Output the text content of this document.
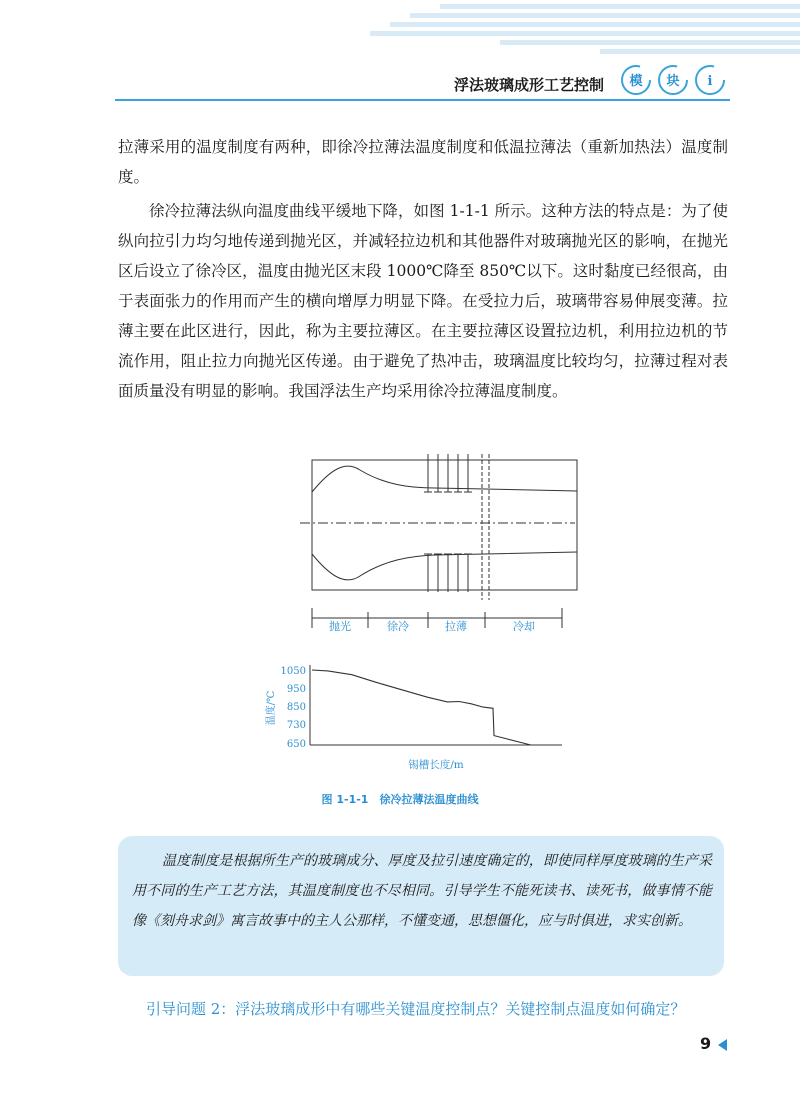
浮法玻璃成形工艺控制 模 块 i

拉薄采用的温度制度有两种，即徐冷拉薄法温度制度和低温拉薄法（重新加热法）温度制度。

徐冷拉薄法纵向温度曲线平缓地下降，如图 1-1-1 所示。这种方法的特点是：为了使纵向拉引力均匀地传递到抛光区，并减轻拉边机和其他器件对玻璃抛光区的影响，在抛光区后设立了徐冷区，温度由抛光区末段 1000℃降至 850℃以下。这时黏度已经很高，由于表面张力的作用而产生的横向增厚力明显下降。在受拉力后，玻璃带容易伸展变薄。拉薄主要在此区进行，因此，称为主要拉薄区。在主要拉薄区设置拉边机，利用拉边机的节流作用，阻止拉力向抛光区传递。由于避免了热冲击，玻璃温度比较均匀，拉薄过程对表面质量没有明显的影响。我国浮法生产均采用徐冷拉薄温度制度。

抛光	徐冷	拉薄	冷却
1050
950
850
730
650
温度/℃
锡槽长度/m
图 1-1-1　徐冷拉薄法温度曲线

温度制度是根据所生产的玻璃成分、厚度及拉引速度确定的，即使同样厚度玻璃的生产采用不同的生产工艺方法，其温度制度也不尽相同。引导学生不能死读书、读死书，做事情不能像《刻舟求剑》寓言故事中的主人公那样，不懂变通，思想僵化，应与时俱进，求实创新。

引导问题 2：浮法玻璃成形中有哪些关键温度控制点？关键控制点温度如何确定？
9
